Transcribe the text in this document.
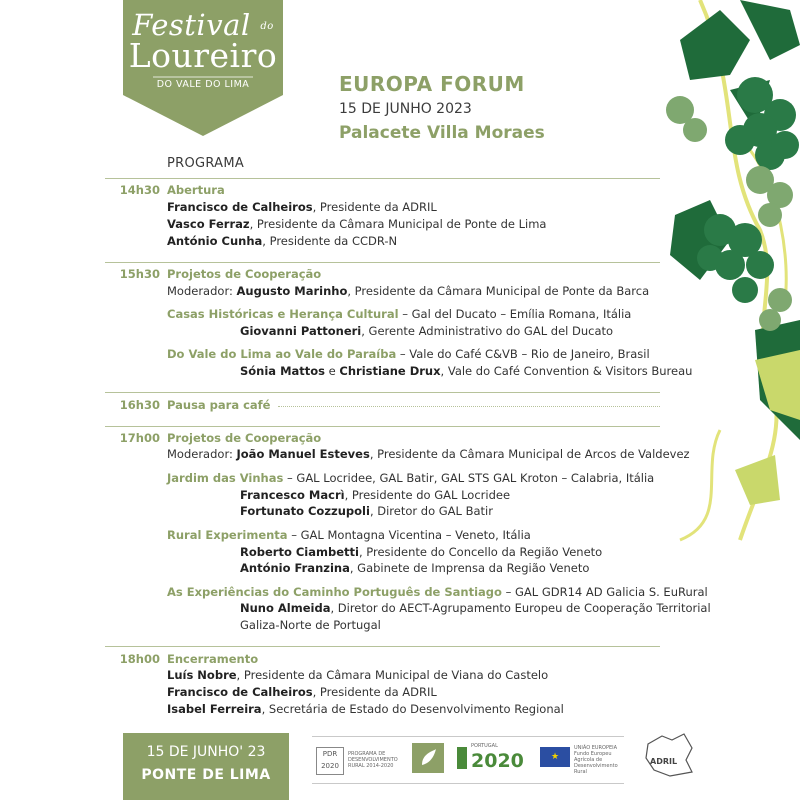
Festival do
Loureiro
DO VALE DO LIMA	EUROPA FORUM
15 DE JUNHO 2023
Palacete Villa Moraes
PROGRAMA
14h30 Abertura
Francisco de Calheiros, Presidente da ADRIL
Vasco Ferraz, Presidente da Câmara Municipal de Ponte de Lima
António Cunha, Presidente da CCDR-N
15h30 Projetos de Cooperação
Moderador: Augusto Marinho, Presidente da Câmara Municipal de Ponte da Barca
Casas Históricas e Herança Cultural – Gal del Ducato – Emília Romana, Itália
Giovanni Pattoneri, Gerente Administrativo do GAL del Ducato
Do Vale do Lima ao Vale do Paraíba – Vale do Café C&VB – Rio de Janeiro, Brasil
Sónia Mattos e Christiane Drux, Vale do Café Convention & Visitors Bureau
16h30 Pausa para café
17h00 Projetos de Cooperação
Moderador: João Manuel Esteves, Presidente da Câmara Municipal de Arcos de Valdevez
Jardim das Vinhas – GAL Locridee, GAL Batir, GAL STS GAL Kroton – Calabria, Itália
Francesco Macrì, Presidente do GAL Locridee
Fortunato Cozzupoli, Diretor do GAL Batir
Rural Experimenta – GAL Montagna Vicentina – Veneto, Itália
Roberto Ciambetti, Presidente do Concello da Região Veneto
António Franzina, Gabinete de Imprensa da Região Veneto
As Experiências do Caminho Português de Santiago – GAL GDR14 AD Galicia S. EuRural
Nuno Almeida, Diretor do AECT-Agrupamento Europeu de Cooperação Territorial
Galiza-Norte de Portugal
18h00 Encerramento
Luís Nobre, Presidente da Câmara Municipal de Viana do Castelo
Francisco de Calheiros, Presidente da ADRIL
Isabel Ferreira, Secretária de Estado do Desenvolvimento Regional
15 DE JUNHO' 23
PONTE DE LIMA
PDR 2020
PROGRAMA DE DESENVOLVIMENTO RURAL 2014-2020
PORTUGAL
2020	★
UNIÃO EUROPEIA Fundo Europeu Agrícola de Desenvolvimento Rural
ADRIL
